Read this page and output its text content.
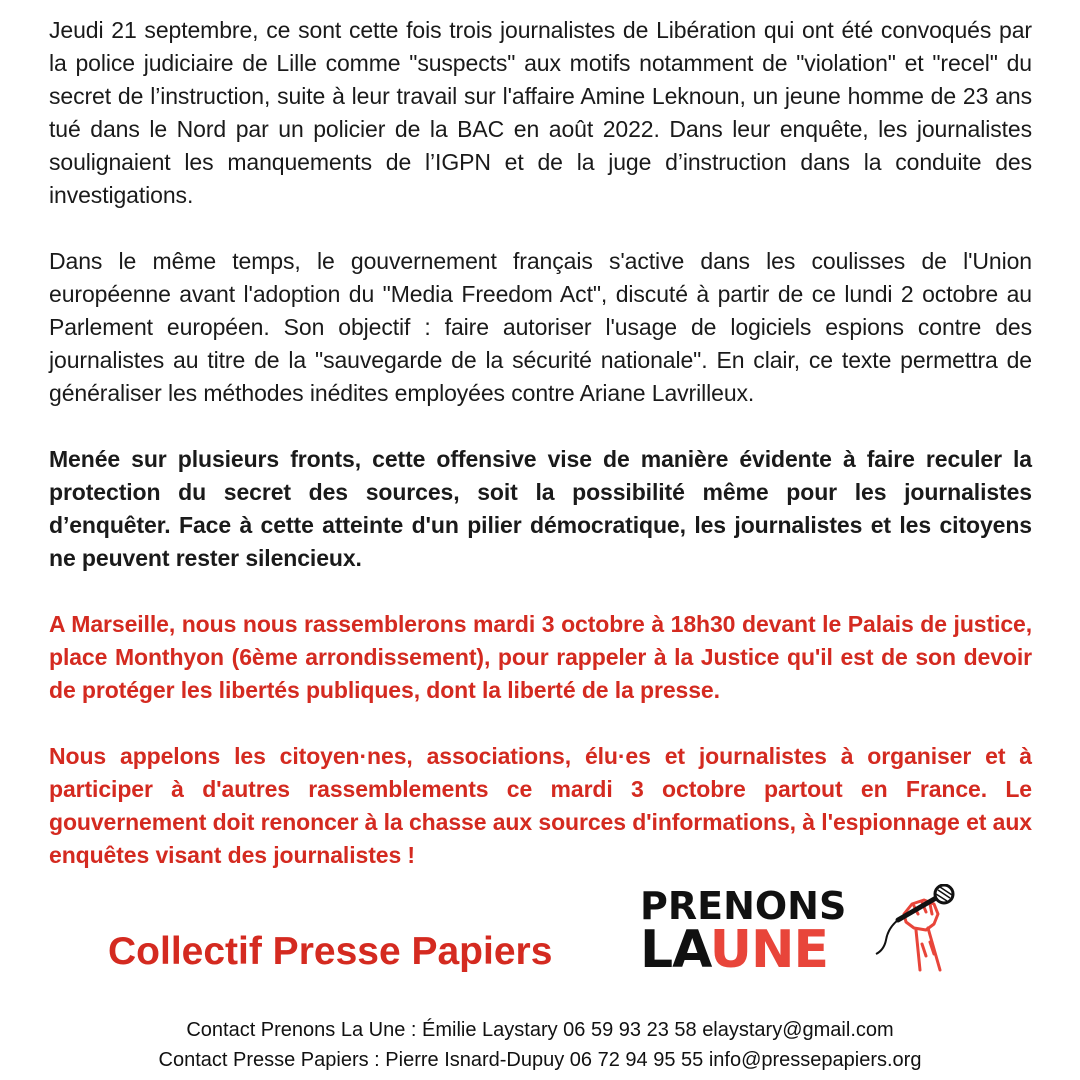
Jeudi 21 septembre, ce sont cette fois trois journalistes de Libération qui ont été convoqués par la police judiciaire de Lille comme "suspects" aux motifs notamment de "violation" et "recel" du secret de l’instruction, suite à leur travail sur l'affaire Amine Leknoun, un jeune homme de 23 ans tué dans le Nord par un policier de la BAC en août 2022. Dans leur enquête, les journalistes soulignaient les manquements de l’IGPN et de la juge d’instruction dans la conduite des investigations.

Dans le même temps, le gouvernement français s'active dans les coulisses de l'Union européenne avant l'adoption du "Media Freedom Act", discuté à partir de ce lundi 2 octobre au Parlement européen. Son objectif : faire autoriser l'usage de logiciels espions contre des journalistes au titre de la "sauvegarde de la sécurité nationale". En clair, ce texte permettra de généraliser les méthodes inédites employées contre Ariane Lavrilleux.

Menée sur plusieurs fronts, cette offensive vise de manière évidente à faire reculer la protection du secret des sources, soit la possibilité même pour les journalistes d’enquêter. Face à cette atteinte d'un pilier démocratique, les journalistes et les citoyens ne peuvent rester silencieux.

A Marseille, nous nous rassemblerons mardi 3 octobre à 18h30 devant le Palais de justice, place Monthyon (6ème arrondissement), pour rappeler à la Justice qu'il est de son devoir de protéger les libertés publiques, dont la liberté de la presse.

Nous appelons les citoyen·nes, associations, élu·es et journalistes à organiser et à participer à d'autres rassemblements ce mardi 3 octobre partout en France. Le gouvernement doit renoncer à la chasse aux sources d'informations, à l'espionnage et aux enquêtes visant des journalistes !

Collectif Presse Papiers
PRENONS
LAUNE
Contact Prenons La Une : Émilie Laystary 06 59 93 23 58 elaystary@gmail.com
Contact Presse Papiers : Pierre Isnard-Dupuy 06 72 94 95 55 info@pressepapiers.org
